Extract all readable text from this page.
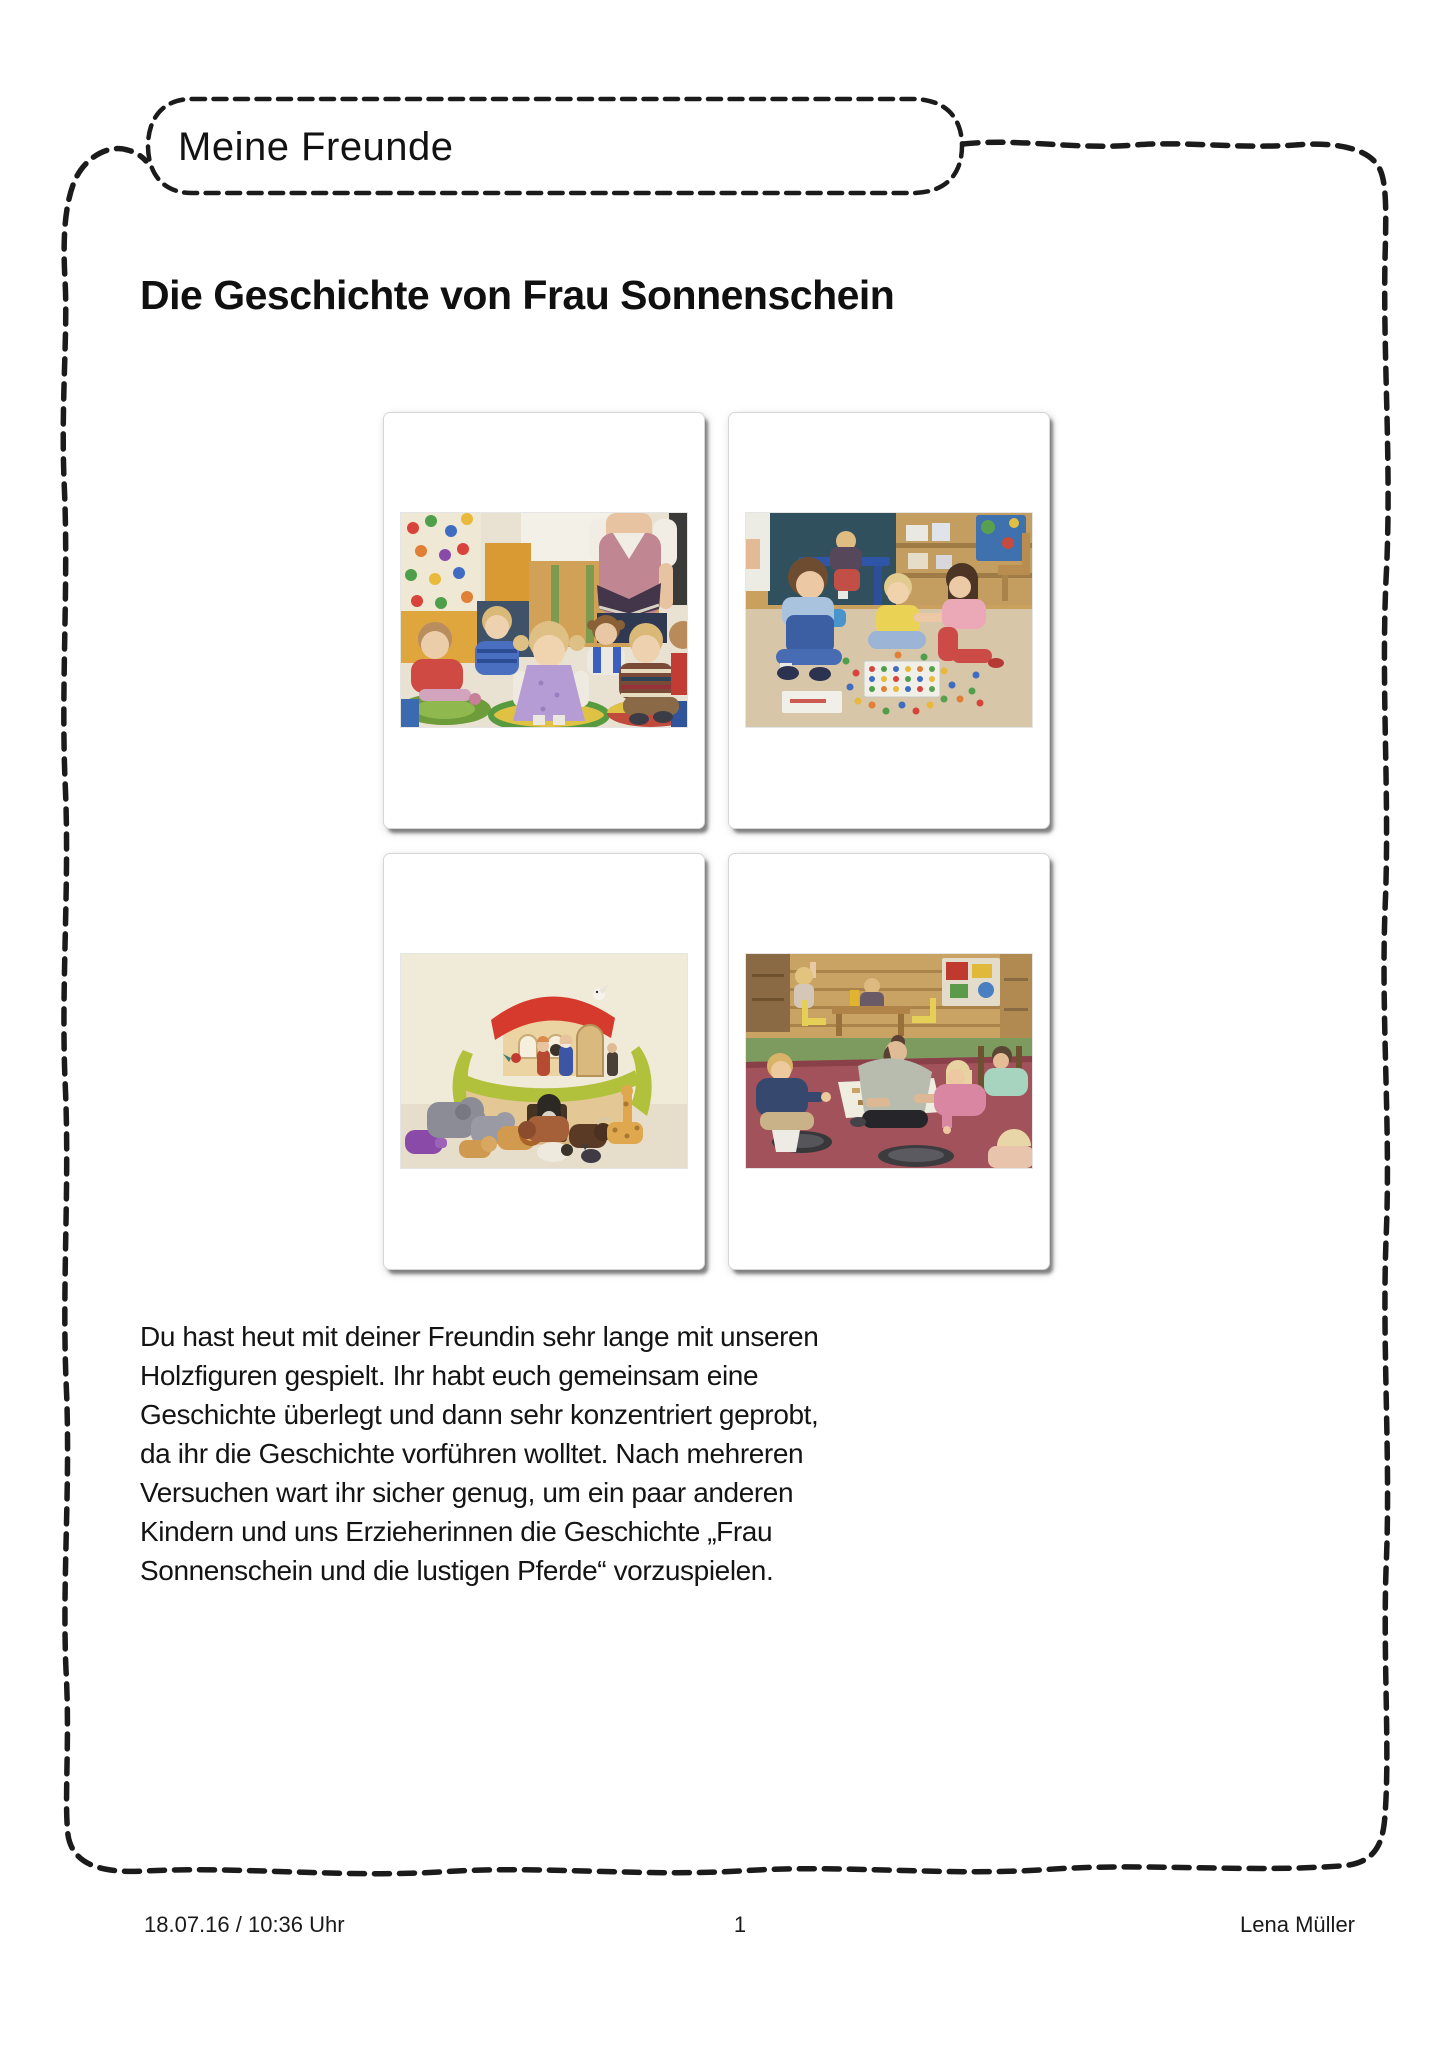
Meine Freunde
Die Geschichte von Frau Sonnenschein
Du hast heut mit deiner Freundin sehr lange mit unseren
Holzfiguren gespielt. Ihr habt euch gemeinsam eine
Geschichte überlegt und dann sehr konzentriert geprobt,
da ihr die Geschichte vorführen wolltet. Nach mehreren
Versuchen wart ihr sicher genug, um ein paar anderen
Kindern und uns Erzieherinnen die Geschichte „Frau
Sonnenschein und die lustigen Pferde“ vorzuspielen.
18.07.16 / 10:36 Uhr	1	Lena Müller
